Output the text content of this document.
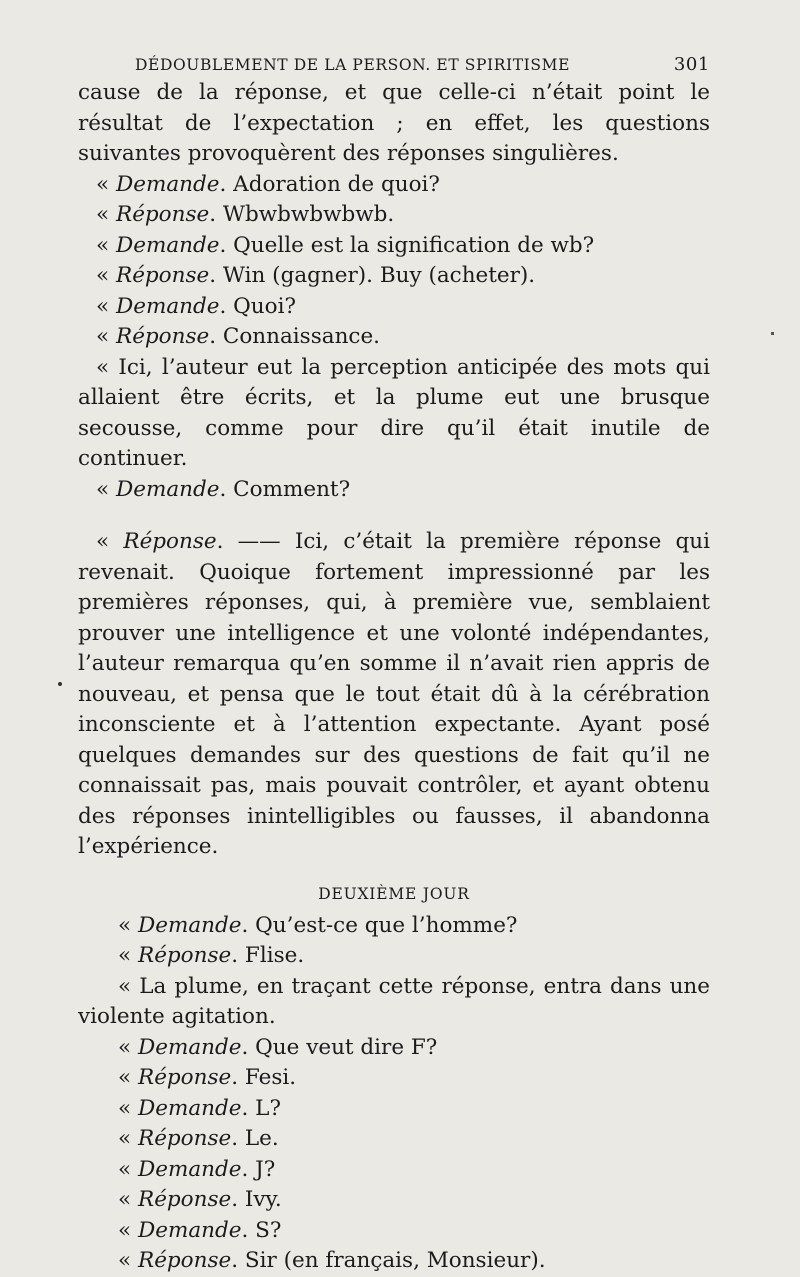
DÉDOUBLEMENT DE LA PERSON. ET SPIRITISME	301

cause de la réponse, et que celle-ci n’était point le résultat de l’expectation ; en effet, les questions suivantes provoquèrent des réponses singulières.

« Demande. Adoration de quoi?

« Réponse. Wbwbwbwbwb.

« Demande. Quelle est la signification de wb?

« Réponse. Win (gagner). Buy (acheter).

« Demande. Quoi?

« Réponse. Connaissance.

« Ici, l’auteur eut la perception anticipée des mots qui allaient être écrits, et la plume eut une brusque secousse, comme pour dire qu’il était inutile de continuer.

« Demande. Comment?

« Réponse. —— Ici, c’était la première réponse qui revenait. Quoique fortement impressionné par les premières réponses, qui, à première vue, semblaient prouver une intelligence et une volonté indépendantes, l’auteur remarqua qu’en somme il n’avait rien appris de nouveau, et pensa que le tout était dû à la cérébration inconsciente et à l’attention expectante. Ayant posé quelques demandes sur des questions de fait qu’il ne connaissait pas, mais pouvait contrôler, et ayant obtenu des réponses inintelligibles ou fausses, il abandonna l’expérience.

DEUXIÈME JOUR

« Demande. Qu’est-ce que l’homme?

« Réponse. Flise.

« La plume, en traçant cette réponse, entra dans une violente agitation.

« Demande. Que veut dire F?

« Réponse. Fesi.

« Demande. L?

« Réponse. Le.

« Demande. J?

« Réponse. Ivy.

« Demande. S?

« Réponse. Sir (en français, Monsieur).
